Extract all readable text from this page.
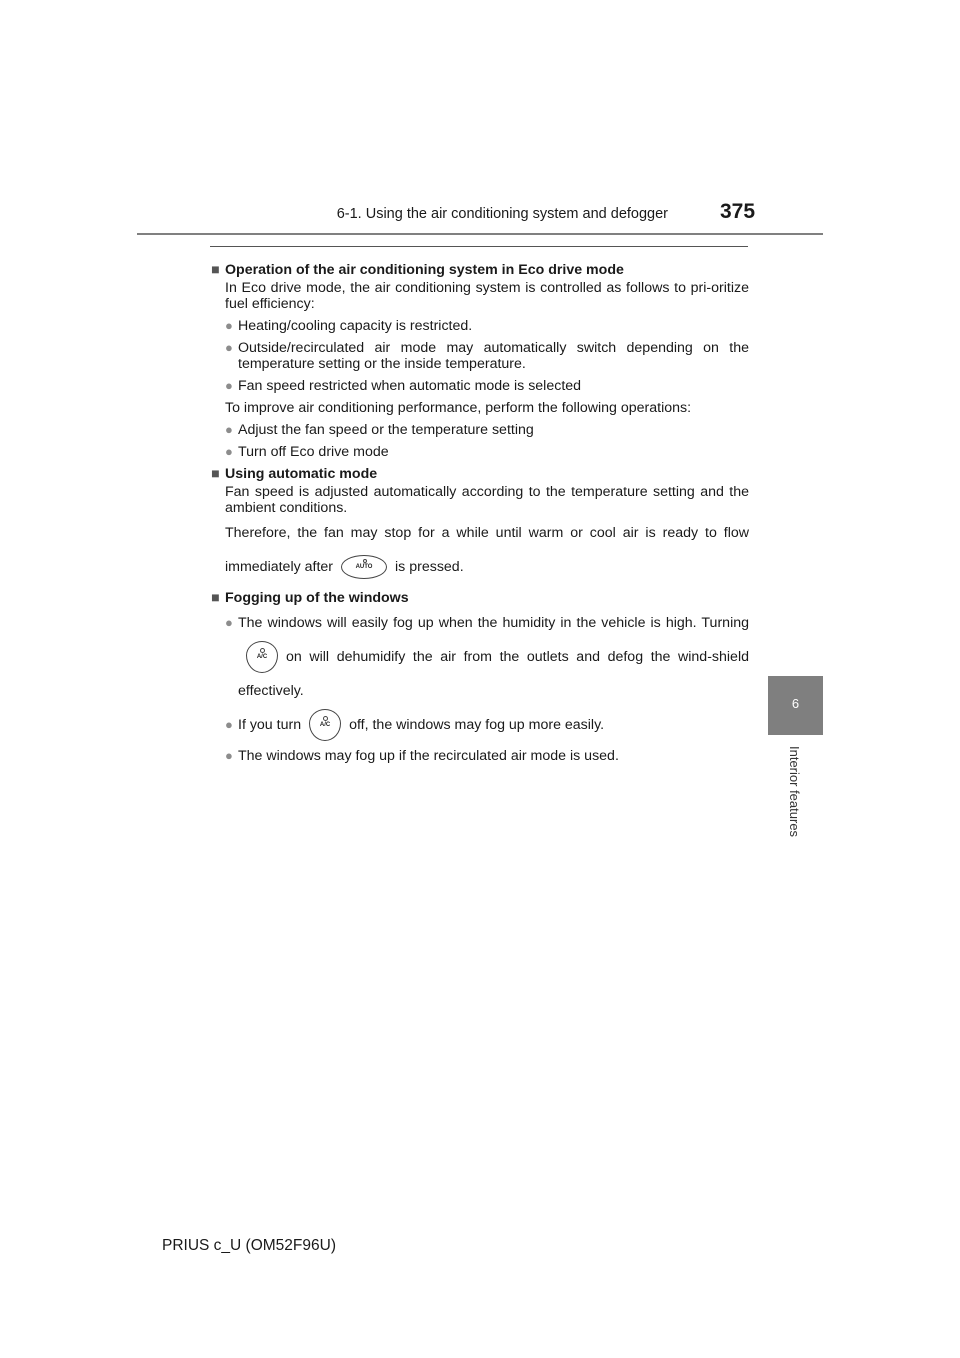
6-1. Using the air conditioning system and defogger 375
6
Interior features
■ Operation of the air conditioning system in Eco drive mode
In Eco drive mode, the air conditioning system is controlled as follows to pri-oritize fuel efficiency:
● Heating/cooling capacity is restricted.
● Outside/recirculated air mode may automatically switch depending on the temperature setting or the inside temperature.
● Fan speed restricted when automatic mode is selected
To improve air conditioning performance, perform the following operations:
● Adjust the fan speed or the temperature setting
● Turn off Eco drive mode
■ Using automatic mode
Fan speed is adjusted automatically according to the temperature setting and the ambient conditions.
Therefore, the fan may stop for a while until warm or cool air is ready to flow immediately after	AUTO is pressed.
■ Fogging up of the windows
● The windows will easily fog up when the humidity in the vehicle is high. Turning
A/C on will dehumidify the air from the outlets and defog the wind-shield effectively.
● If you turn	A/C off, the windows may fog up more easily.
● The windows may fog up if the recirculated air mode is used.
PRIUS c_U (OM52F96U)
